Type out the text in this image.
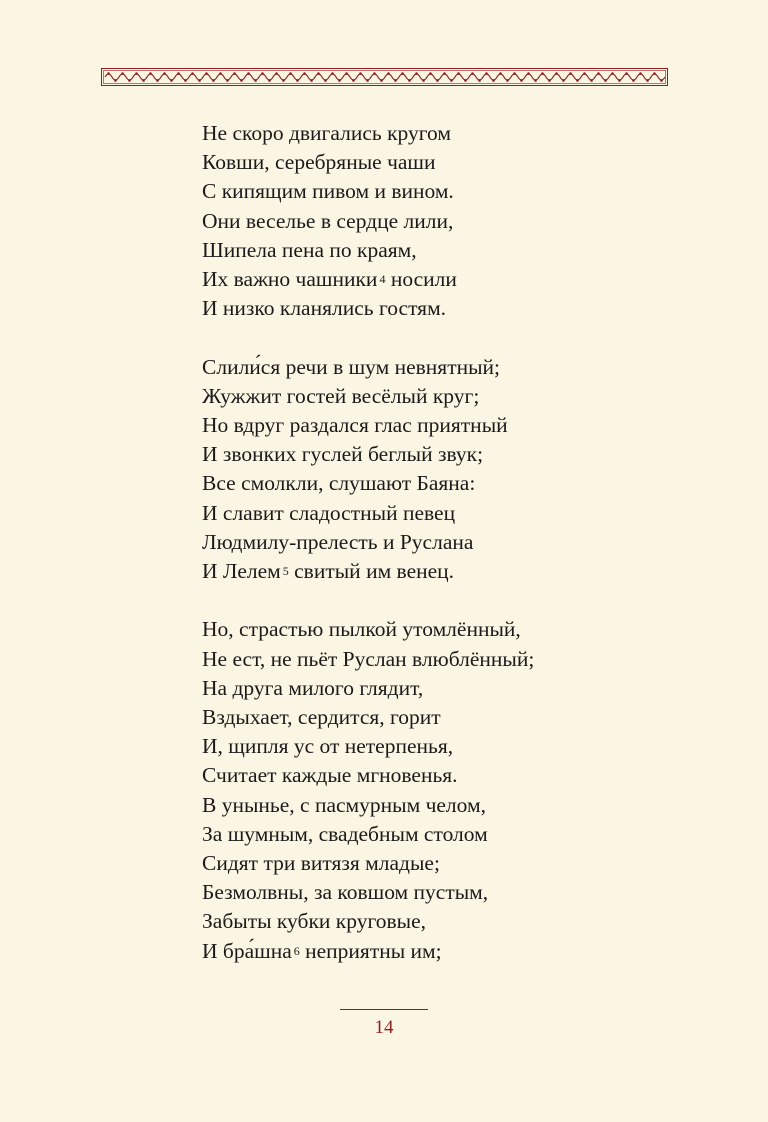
Не скоро двигались кругом
Ковши, серебряные чаши
С кипящим пивом и вином.
Они веселье в сердце лили,
Шипела пена по краям,
Их важно чашники $^4$ носили
И низко кланялись гостям.
Слили́ся речи в шум невнятный;
Жужжит гостей весёлый круг;
Но вдруг раздался глас приятный
И звонких гуслей беглый звук;
Все смолкли, слушают Баяна:
И славит сладостный певец
Людмилу-прелесть и Руслана
И Лелем $^5$ свитый им венец.
Но, страстью пылкой утомлённый,
Не ест, не пьёт Руслан влюблённый;
На друга милого глядит,
Вздыхает, сердится, горит
И, щипля ус от нетерпенья,
Считает каждые мгновенья.
В унынье, с пасмурным челом,
За шумным, свадебным столом
Сидят три витязя младые;
Безмолвны, за ковшом пустым,
Забыты кубки круговые,
И бра́шна $^6$ неприятны им;
14
